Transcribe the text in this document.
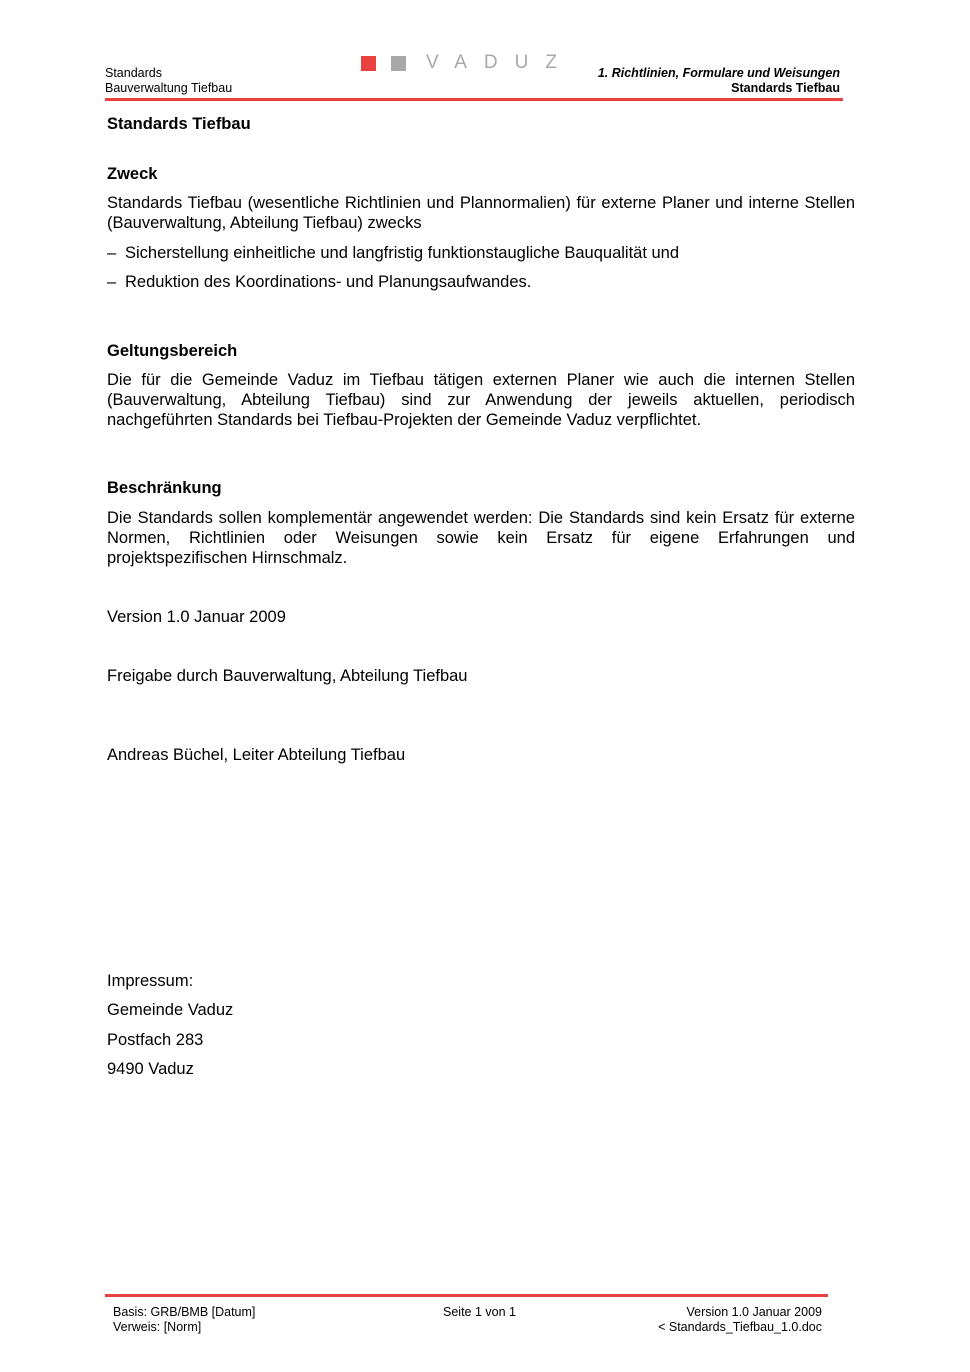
Standards
Bauverwaltung Tiefbau
VADUZ 1. Richtlinien, Formulare und Weisungen
Standards Tiefbau
Standards Tiefbau
Zweck
Standards Tiefbau (wesentliche Richtlinien und Plannormalien) für externe Planer und interne Stellen (Bauverwaltung, Abteilung Tiefbau) zwecks
– Sicherstellung einheitliche und langfristig funktionstaugliche Bauqualität und
– Reduktion des Koordinations- und Planungsaufwandes.
Geltungsbereich
Die für die Gemeinde Vaduz im Tiefbau tätigen externen Planer wie auch die internen Stellen (Bauverwaltung, Abteilung Tiefbau) sind zur Anwendung der jeweils aktuellen, periodisch nachgeführten Standards bei Tiefbau-Projekten der Gemeinde Vaduz verpflichtet.
Beschränkung
Die Standards sollen komplementär angewendet werden: Die Standards sind kein Ersatz für externe Normen, Richtlinien oder Weisungen sowie kein Ersatz für eigene Erfahrungen und projektspezifischen Hirnschmalz.
Version 1.0 Januar 2009
Freigabe durch Bauverwaltung, Abteilung Tiefbau
Andreas Büchel, Leiter Abteilung Tiefbau
Impressum:
Gemeinde Vaduz
Postfach 283
9490 Vaduz
Basis: GRB/BMB [Datum]
Verweis: [Norm]
Seite 1 von 1	Version 1.0 Januar 2009
< Standards_Tiefbau_1.0.doc
